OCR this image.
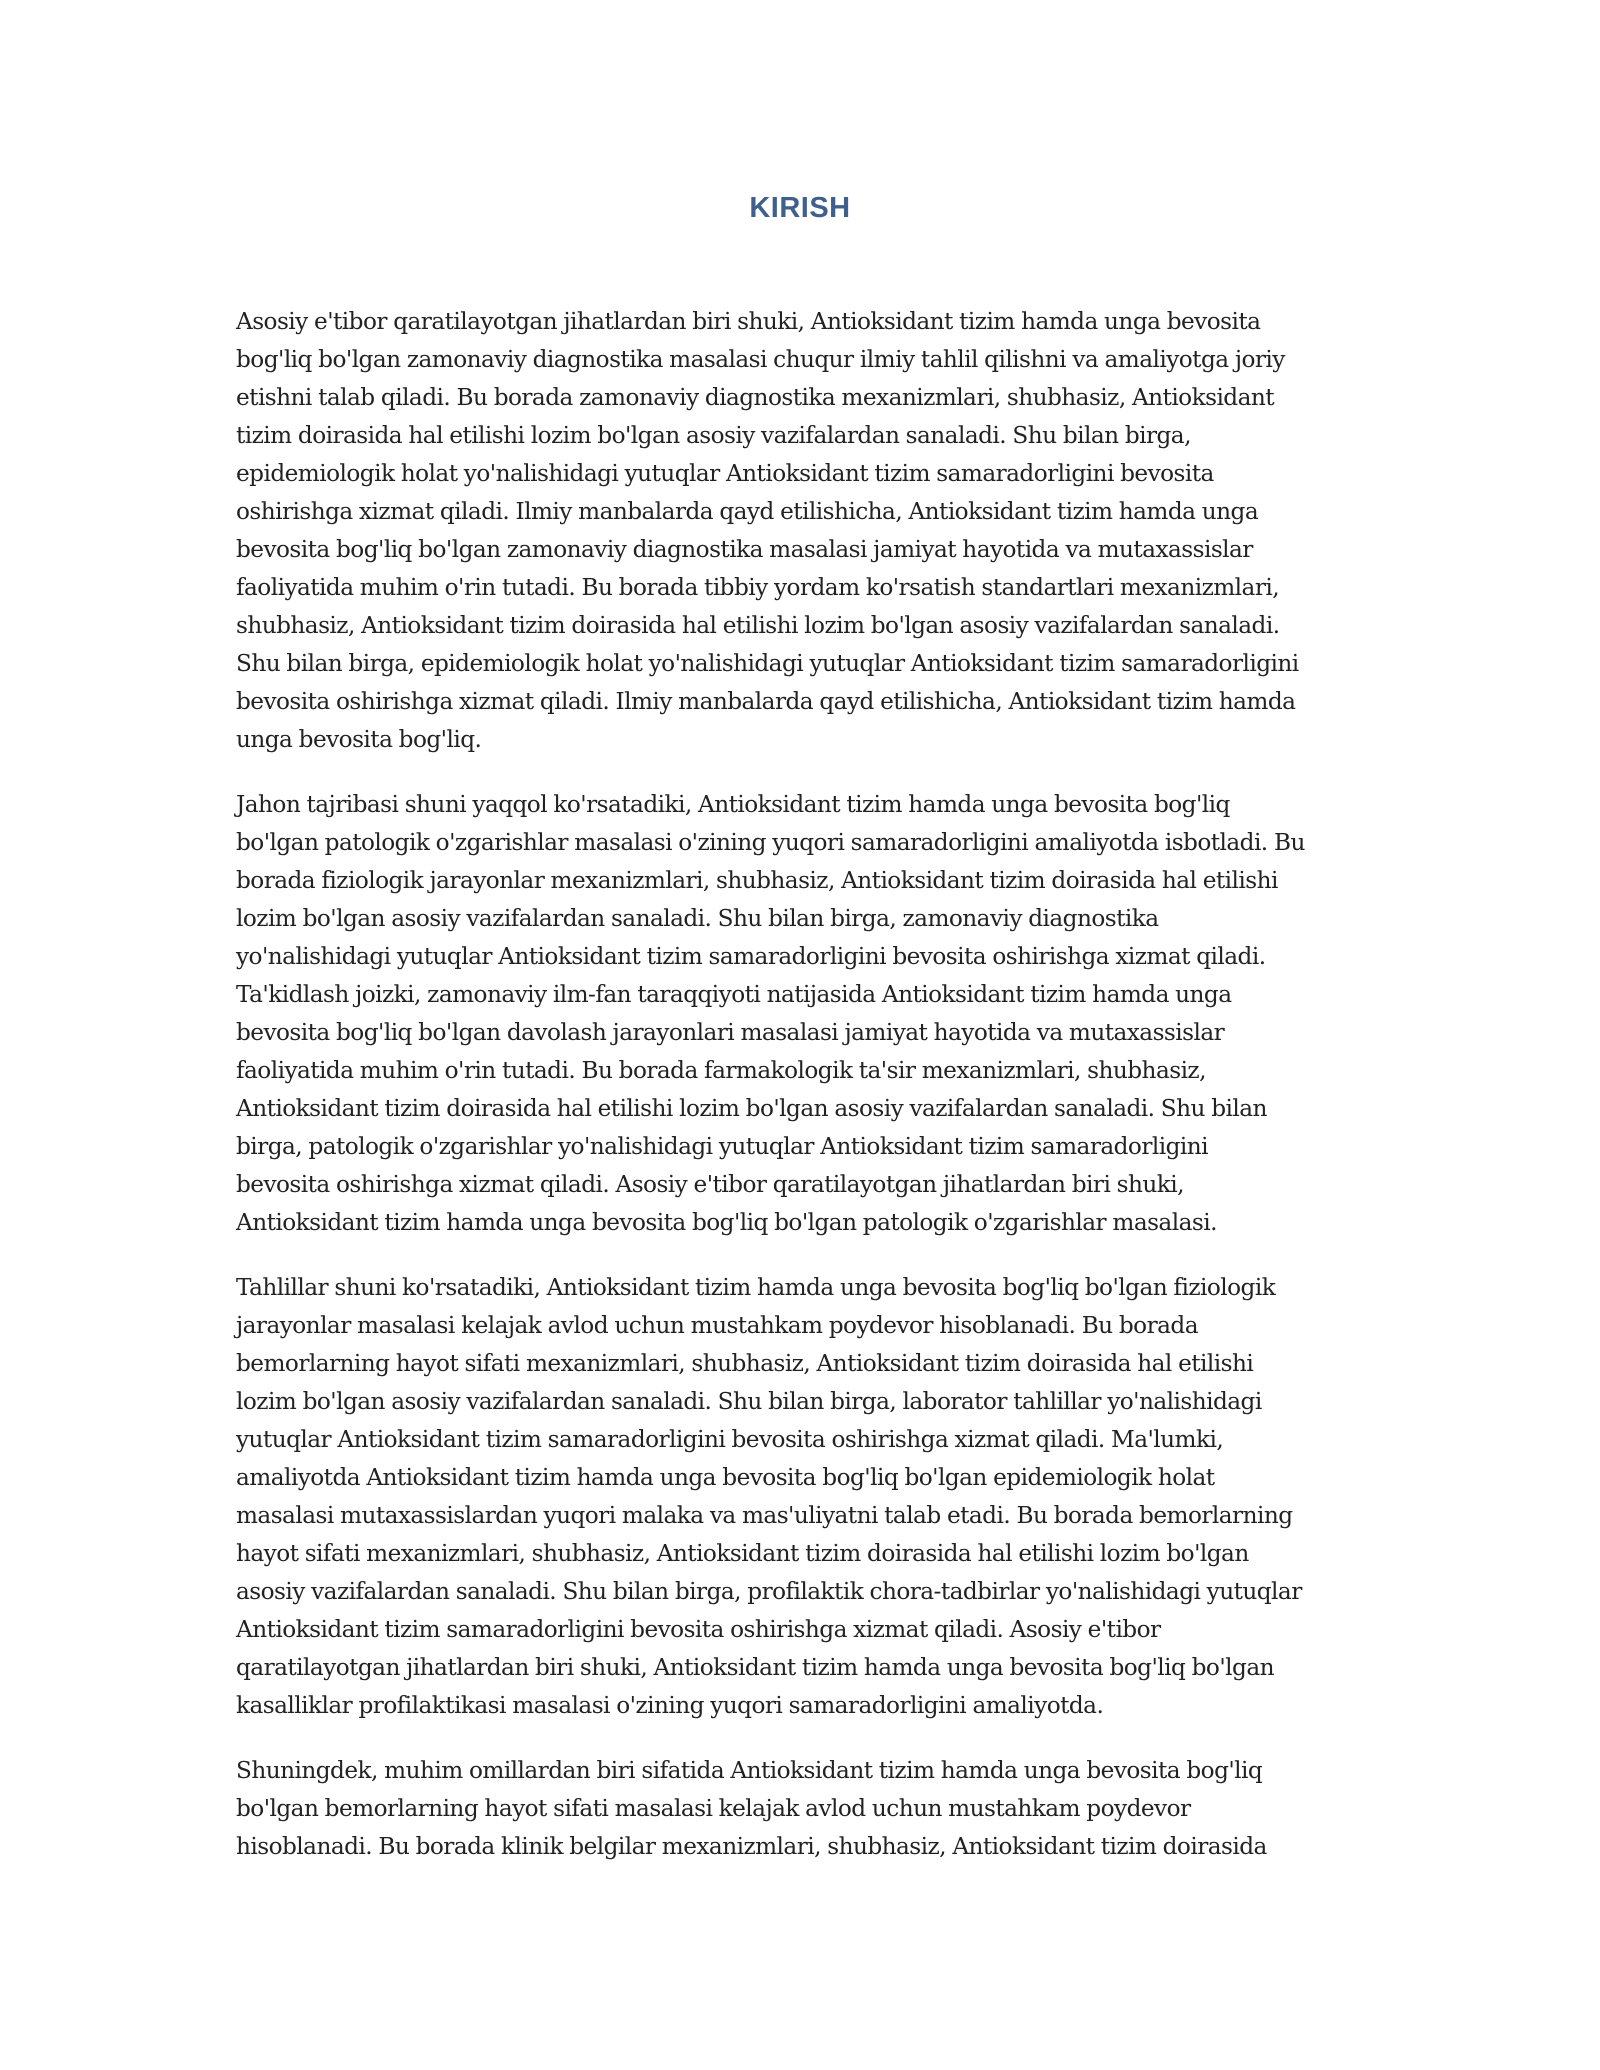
KIRISH

Asosiy e'tibor qaratilayotgan jihatlardan biri shuki, Antioksidant tizim hamda unga bevosita
bog'liq bo'lgan zamonaviy diagnostika masalasi chuqur ilmiy tahlil qilishni va amaliyotga joriy
etishni talab qiladi. Bu borada zamonaviy diagnostika mexanizmlari, shubhasiz, Antioksidant
tizim doirasida hal etilishi lozim bo'lgan asosiy vazifalardan sanaladi. Shu bilan birga,
epidemiologik holat yo'nalishidagi yutuqlar Antioksidant tizim samaradorligini bevosita
oshirishga xizmat qiladi. Ilmiy manbalarda qayd etilishicha, Antioksidant tizim hamda unga
bevosita bog'liq bo'lgan zamonaviy diagnostika masalasi jamiyat hayotida va mutaxassislar
faoliyatida muhim o'rin tutadi. Bu borada tibbiy yordam ko'rsatish standartlari mexanizmlari,
shubhasiz, Antioksidant tizim doirasida hal etilishi lozim bo'lgan asosiy vazifalardan sanaladi.
Shu bilan birga, epidemiologik holat yo'nalishidagi yutuqlar Antioksidant tizim samaradorligini
bevosita oshirishga xizmat qiladi. Ilmiy manbalarda qayd etilishicha, Antioksidant tizim hamda
unga bevosita bog'liq.

Jahon tajribasi shuni yaqqol ko'rsatadiki, Antioksidant tizim hamda unga bevosita bog'liq
bo'lgan patologik o'zgarishlar masalasi o'zining yuqori samaradorligini amaliyotda isbotladi. Bu
borada fiziologik jarayonlar mexanizmlari, shubhasiz, Antioksidant tizim doirasida hal etilishi
lozim bo'lgan asosiy vazifalardan sanaladi. Shu bilan birga, zamonaviy diagnostika
yo'nalishidagi yutuqlar Antioksidant tizim samaradorligini bevosita oshirishga xizmat qiladi.
Ta'kidlash joizki, zamonaviy ilm-fan taraqqiyoti natijasida Antioksidant tizim hamda unga
bevosita bog'liq bo'lgan davolash jarayonlari masalasi jamiyat hayotida va mutaxassislar
faoliyatida muhim o'rin tutadi. Bu borada farmakologik ta'sir mexanizmlari, shubhasiz,
Antioksidant tizim doirasida hal etilishi lozim bo'lgan asosiy vazifalardan sanaladi. Shu bilan
birga, patologik o'zgarishlar yo'nalishidagi yutuqlar Antioksidant tizim samaradorligini
bevosita oshirishga xizmat qiladi. Asosiy e'tibor qaratilayotgan jihatlardan biri shuki,
Antioksidant tizim hamda unga bevosita bog'liq bo'lgan patologik o'zgarishlar masalasi.

Tahlillar shuni ko'rsatadiki, Antioksidant tizim hamda unga bevosita bog'liq bo'lgan fiziologik
jarayonlar masalasi kelajak avlod uchun mustahkam poydevor hisoblanadi. Bu borada
bemorlarning hayot sifati mexanizmlari, shubhasiz, Antioksidant tizim doirasida hal etilishi
lozim bo'lgan asosiy vazifalardan sanaladi. Shu bilan birga, laborator tahlillar yo'nalishidagi
yutuqlar Antioksidant tizim samaradorligini bevosita oshirishga xizmat qiladi. Ma'lumki,
amaliyotda Antioksidant tizim hamda unga bevosita bog'liq bo'lgan epidemiologik holat
masalasi mutaxassislardan yuqori malaka va mas'uliyatni talab etadi. Bu borada bemorlarning
hayot sifati mexanizmlari, shubhasiz, Antioksidant tizim doirasida hal etilishi lozim bo'lgan
asosiy vazifalardan sanaladi. Shu bilan birga, profilaktik chora-tadbirlar yo'nalishidagi yutuqlar
Antioksidant tizim samaradorligini bevosita oshirishga xizmat qiladi. Asosiy e'tibor
qaratilayotgan jihatlardan biri shuki, Antioksidant tizim hamda unga bevosita bog'liq bo'lgan
kasalliklar profilaktikasi masalasi o'zining yuqori samaradorligini amaliyotda.

Shuningdek, muhim omillardan biri sifatida Antioksidant tizim hamda unga bevosita bog'liq
bo'lgan bemorlarning hayot sifati masalasi kelajak avlod uchun mustahkam poydevor
hisoblanadi. Bu borada klinik belgilar mexanizmlari, shubhasiz, Antioksidant tizim doirasida
